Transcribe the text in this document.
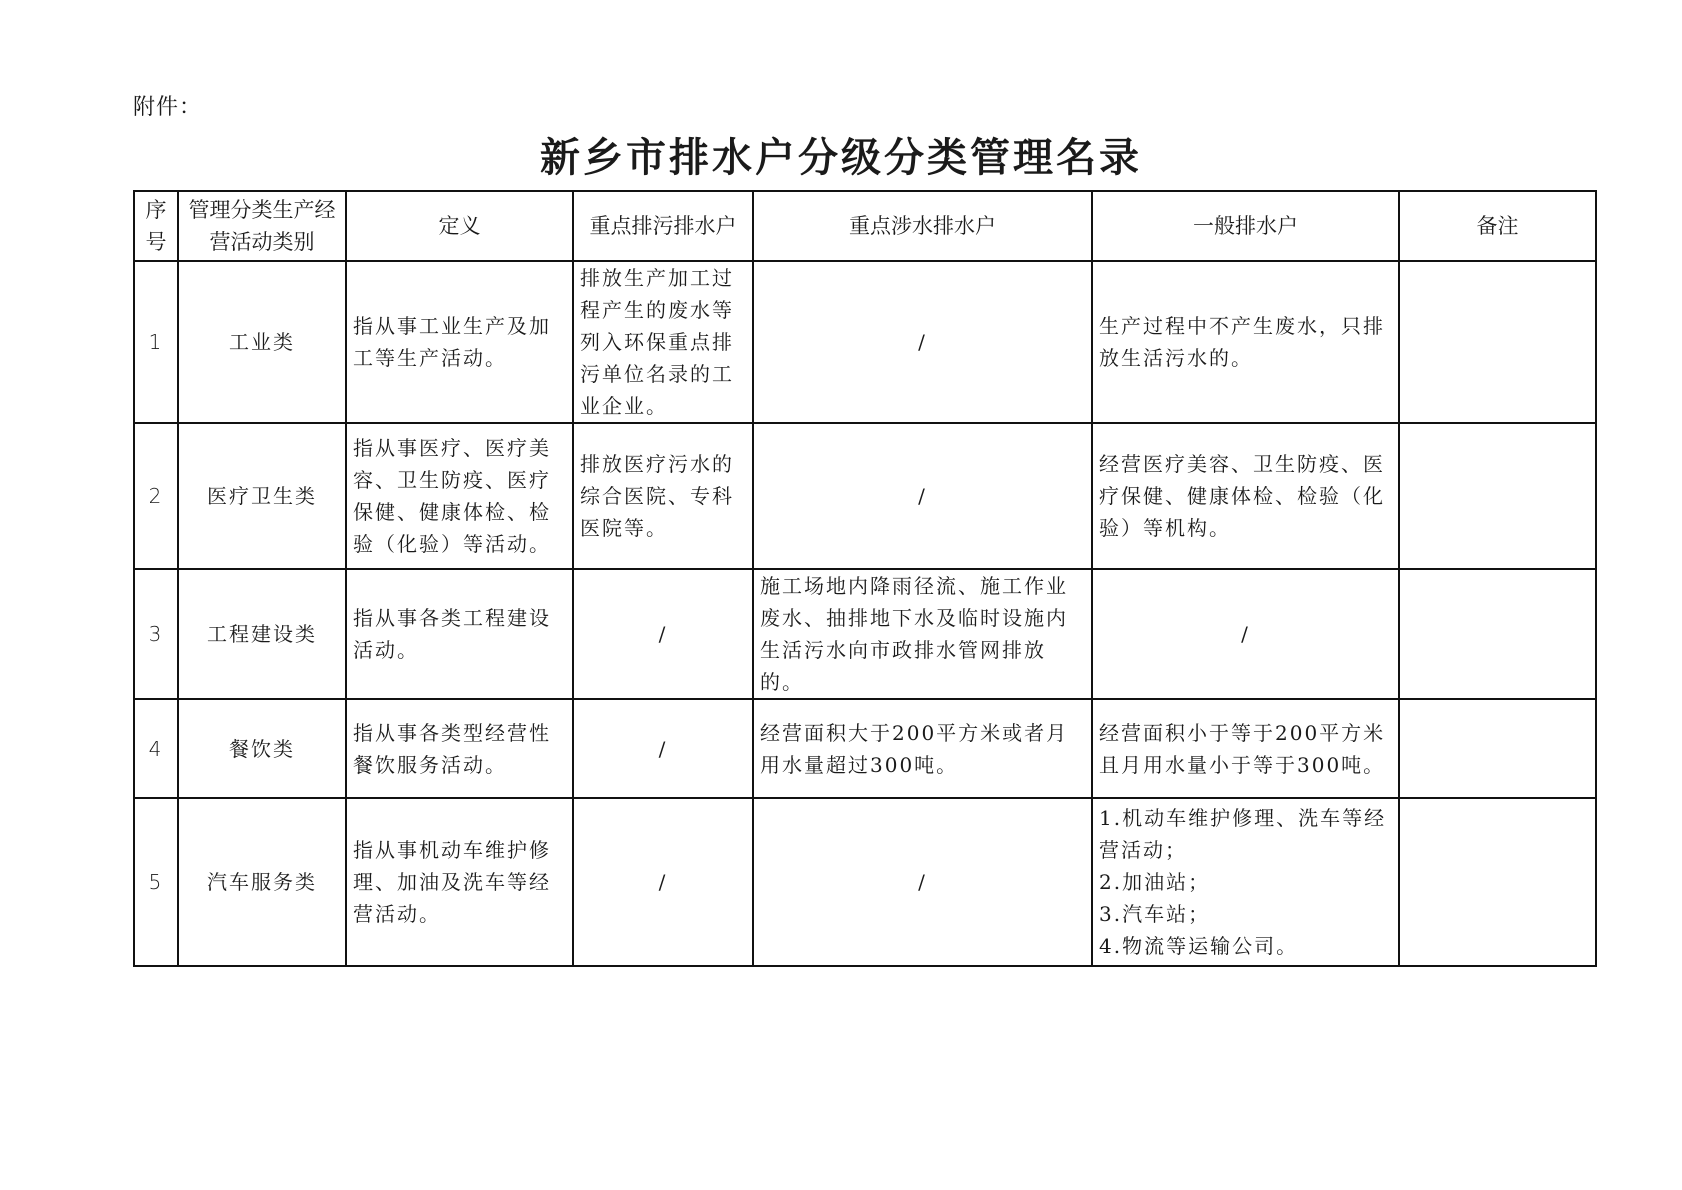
附件：
新乡市排水户分级分类管理名录
序号	管理分类生产经营活动类别	定义	重点排污排水户	重点涉水排水户	一般排水户	备注
1	工业类	指从事工业生产及加工等生产活动。	排放生产加工过程产生的废水等列入环保重点排污单位名录的工业企业。	/	生产过程中不产生废水，只排放生活污水的。	
2	医疗卫生类	指从事医疗、医疗美容、卫生防疫、医疗保健、健康体检、检验（化验）等活动。	排放医疗污水的综合医院、专科医院等。	/	经营医疗美容、卫生防疫、医疗保健、健康体检、检验（化验）等机构。	
3	工程建设类	指从事各类工程建设活动。	/	施工场地内降雨径流、施工作业废水、抽排地下水及临时设施内生活污水向市政排水管网排放的。	/	
4	餐饮类	指从事各类型经营性餐饮服务活动。	/	经营面积大于200平方米或者月用水量超过300吨。	经营面积小于等于200平方米且月用水量小于等于300吨。	
5	汽车服务类	指从事机动车维护修理、加油及洗车等经营活动。	/	/	1.机动车维护修理、洗车等经营活动；
2.加油站；
3.汽车站；
4.物流等运输公司。	
